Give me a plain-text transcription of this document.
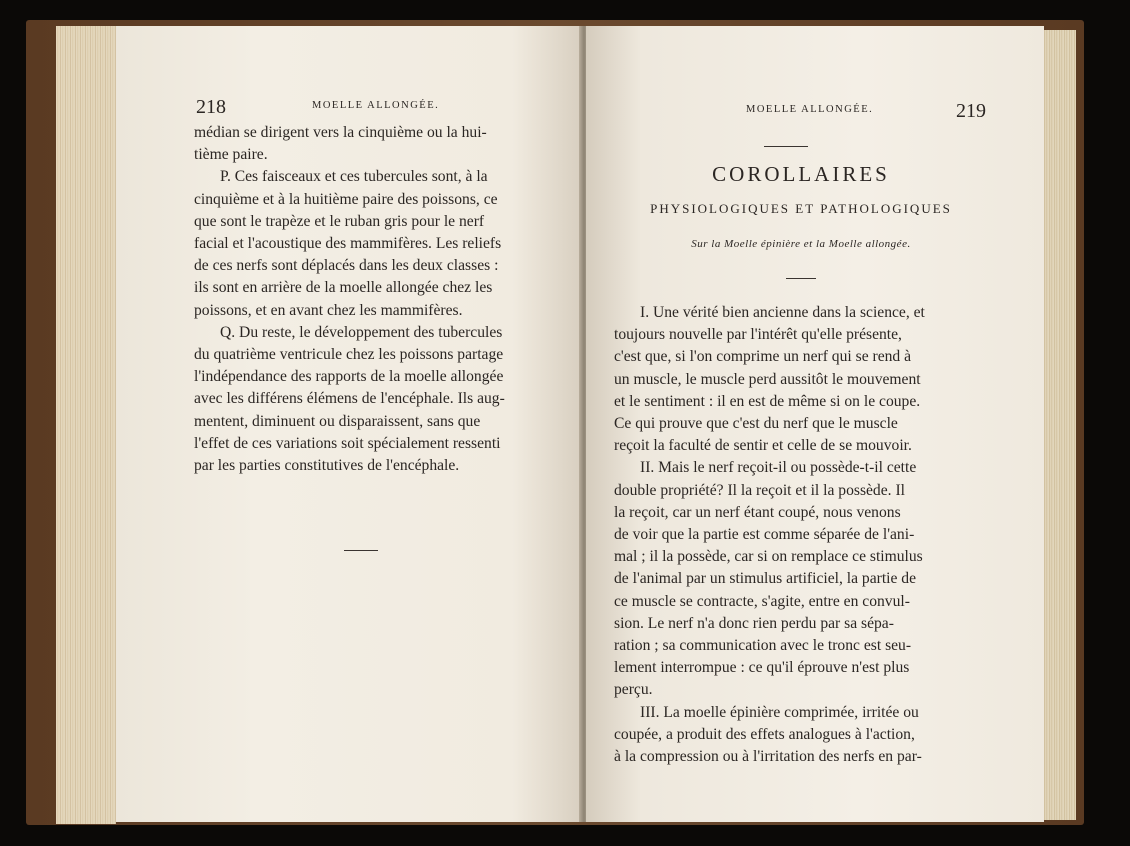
218	MOELLE ALLONGÉE.

médian se dirigent vers la cinquième ou la hui-

tième paire.

P. Ces faisceaux et ces tubercules sont, à la

cinquième et à la huitième paire des poissons, ce

que sont le trapèze et le ruban gris pour le nerf

facial et l'acoustique des mammifères. Les reliefs

de ces nerfs sont déplacés dans les deux classes :

ils sont en arrière de la moelle allongée chez les

poissons, et en avant chez les mammifères.

Q. Du reste, le développement des tubercules

du quatrième ventricule chez les poissons partage

l'indépendance des rapports de la moelle allongée

avec les différens élémens de l'encéphale. Ils aug-

mentent, diminuent ou disparaissent, sans que

l'effet de ces variations soit spécialement ressenti

par les parties constitutives de l'encéphale.

MOELLE ALLONGÉE.	219
COROLLAIRES
PHYSIOLOGIQUES ET PATHOLOGIQUES
Sur la Moelle épinière et la Moelle allongée.

I. Une vérité bien ancienne dans la science, et

toujours nouvelle par l'intérêt qu'elle présente,

c'est que, si l'on comprime un nerf qui se rend à

un muscle, le muscle perd aussitôt le mouvement

et le sentiment : il en est de même si on le coupe.

Ce qui prouve que c'est du nerf que le muscle

reçoit la faculté de sentir et celle de se mouvoir.

II. Mais le nerf reçoit-il ou possède-t-il cette

double propriété? Il la reçoit et il la possède. Il

la reçoit, car un nerf étant coupé, nous venons

de voir que la partie est comme séparée de l'ani-

mal ; il la possède, car si on remplace ce stimulus

de l'animal par un stimulus artificiel, la partie de

ce muscle se contracte, s'agite, entre en convul-

sion. Le nerf n'a donc rien perdu par sa sépa-

ration ; sa communication avec le tronc est seu-

lement interrompue : ce qu'il éprouve n'est plus

perçu.

III. La moelle épinière comprimée, irritée ou

coupée, a produit des effets analogues à l'action,

à la compression ou à l'irritation des nerfs en par-
